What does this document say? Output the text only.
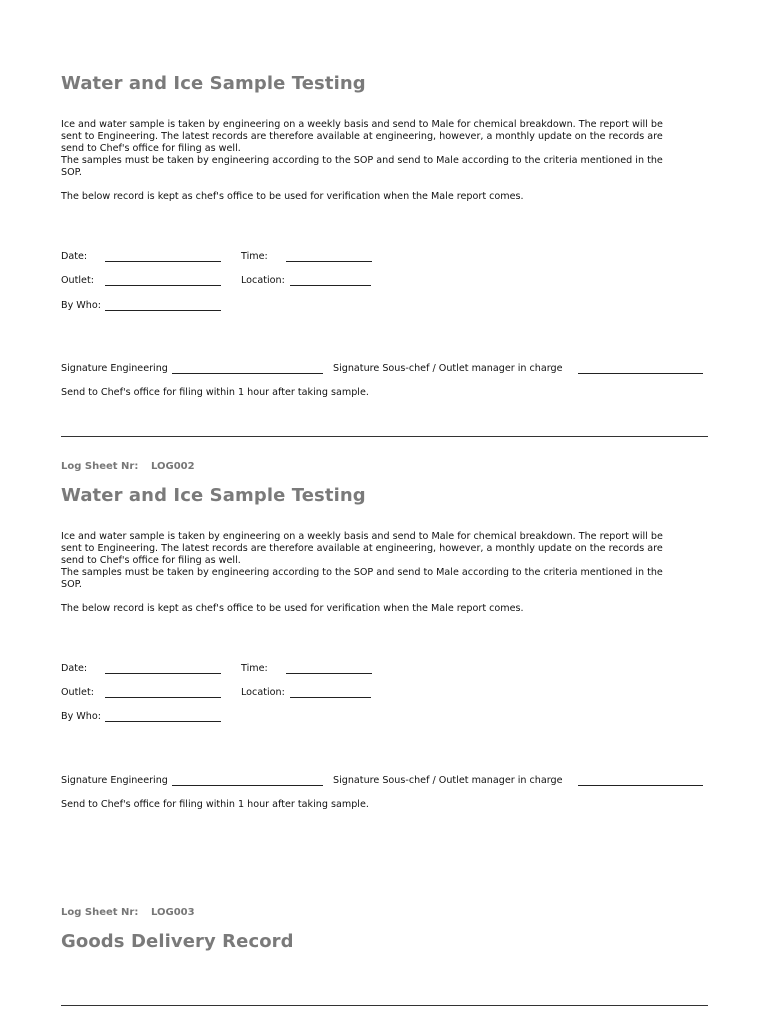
Water and Ice Sample Testing
Ice and water sample is taken by engineering on a weekly basis and send to Male for chemical breakdown. The report will be
sent to Engineering. The latest records are therefore available at engineering, however, a monthly update on the records are
send to Chef's office for filing as well.
The samples must be taken by engineering according to the SOP and send to Male according to the criteria mentioned in the
SOP.
The below record is kept as chef's office to be used for verification when the Male report comes.
Date:	Time:
Outlet:	Location:
By Who:
Signature Engineering	Signature Sous-chef / Outlet manager in charge
Send to Chef's office for filing within 1 hour after taking sample.
Log Sheet Nr: LOG002
Water and Ice Sample Testing
Ice and water sample is taken by engineering on a weekly basis and send to Male for chemical breakdown. The report will be
sent to Engineering. The latest records are therefore available at engineering, however, a monthly update on the records are
send to Chef's office for filing as well.
The samples must be taken by engineering according to the SOP and send to Male according to the criteria mentioned in the
SOP.
The below record is kept as chef's office to be used for verification when the Male report comes.
Date:	Time:
Outlet:	Location:
By Who:
Signature Engineering	Signature Sous-chef / Outlet manager in charge
Send to Chef's office for filing within 1 hour after taking sample.
Log Sheet Nr: LOG003
Goods Delivery Record
